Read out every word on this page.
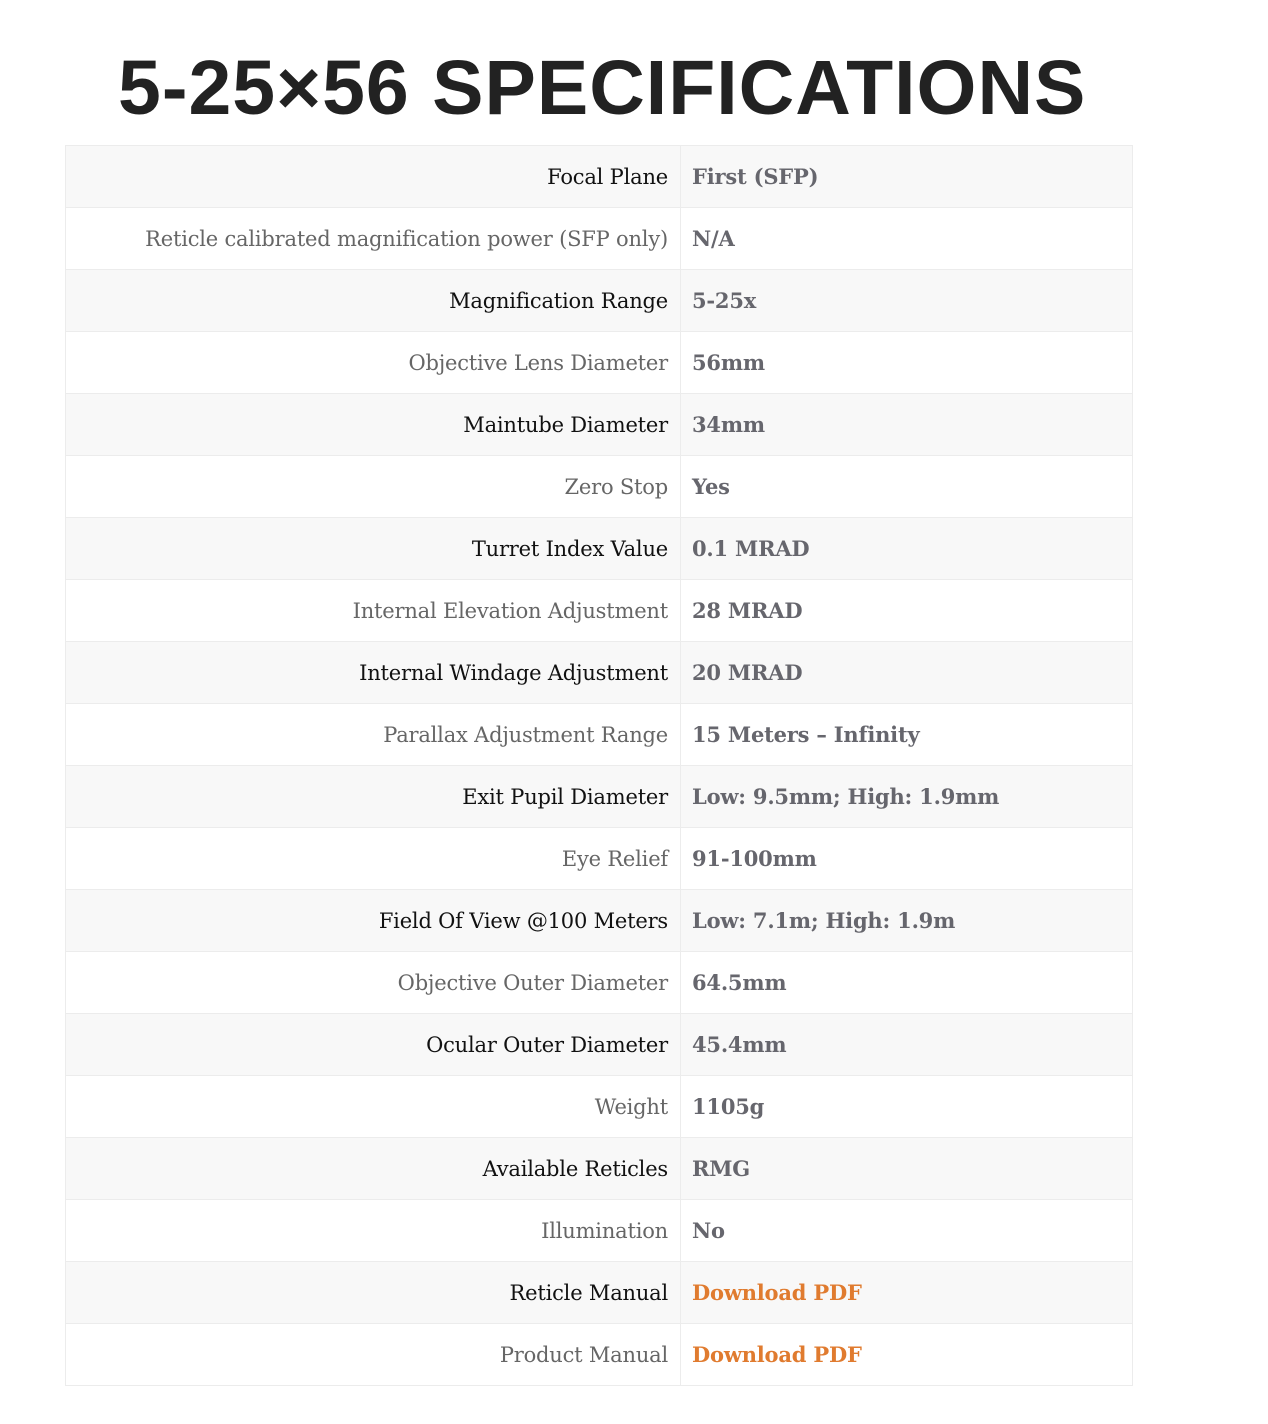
5-25×56 SPECIFICATIONS
Focal Plane	First (SFP)
Reticle calibrated magnification power (SFP only)	N/A
Magnification Range	5-25x
Objective Lens Diameter	56mm
Maintube Diameter	34mm
Zero Stop	Yes
Turret Index Value	0.1 MRAD
Internal Elevation Adjustment	28 MRAD
Internal Windage Adjustment	20 MRAD
Parallax Adjustment Range	15 Meters – Infinity
Exit Pupil Diameter	Low: 9.5mm; High: 1.9mm
Eye Relief	91-100mm
Field Of View @100 Meters	Low: 7.1m; High: 1.9m
Objective Outer Diameter	64.5mm
Ocular Outer Diameter	45.4mm
Weight	1105g
Available Reticles	RMG
Illumination	No
Reticle Manual	Download PDF
Product Manual	Download PDF
